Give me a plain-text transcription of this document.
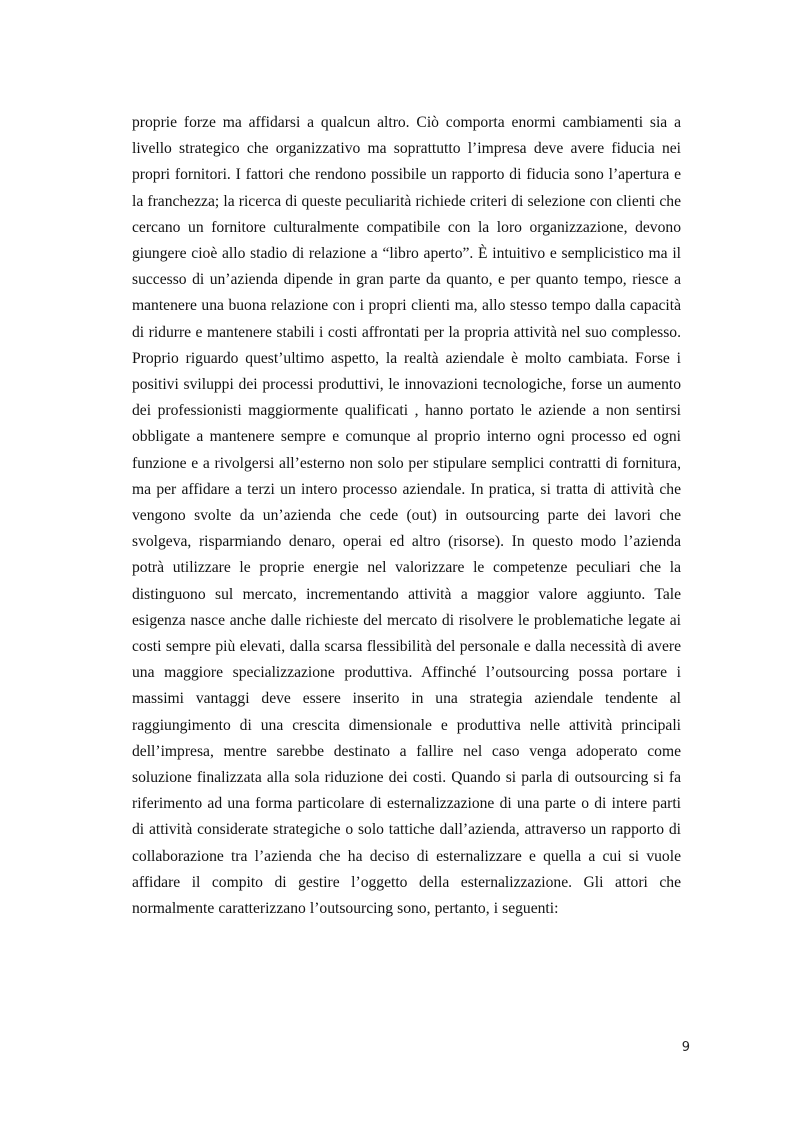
proprie forze ma affidarsi a qualcun altro. Ciò comporta enormi cambiamenti sia a livello strategico che organizzativo ma soprattutto l’impresa deve avere fiducia nei propri fornitori. I fattori che rendono possibile un rapporto di fiducia sono l’apertura e la franchezza; la ricerca di queste peculiarità richiede criteri di selezione con clienti che cercano un fornitore culturalmente compatibile con la loro organizzazione, devono giungere cioè allo stadio di relazione a “libro aperto”. È intuitivo e semplicistico ma il successo di un’azienda dipende in gran parte da quanto, e per quanto tempo, riesce a mantenere una buona relazione con i propri clienti ma, allo stesso tempo dalla capacità di ridurre e mantenere stabili i costi affrontati per la propria attività nel suo complesso. Proprio riguardo quest’ultimo aspetto, la realtà aziendale è molto cambiata. Forse i positivi sviluppi dei processi produttivi, le innovazioni tecnologiche, forse un aumento dei professionisti maggiormente qualificati , hanno portato le aziende a non sentirsi obbligate a mantenere sempre e comunque al proprio interno ogni processo ed ogni funzione e a rivolgersi all’esterno non solo per stipulare semplici contratti di fornitura, ma per affidare a terzi un intero processo aziendale. In pratica, si tratta di attività che vengono svolte da un’azienda che cede (out) in outsourcing parte dei lavori che svolgeva, risparmiando denaro, operai ed altro (risorse). In questo modo l’azienda potrà utilizzare le proprie energie nel valorizzare le competenze peculiari che la distinguono sul mercato, incrementando attività a maggior valore aggiunto. Tale esigenza nasce anche dalle richieste del mercato di risolvere le problematiche legate ai costi sempre più elevati, dalla scarsa flessibilità del personale e dalla necessità di avere una maggiore specializzazione produttiva. Affinché l’outsourcing possa portare i massimi vantaggi deve essere inserito in una strategia aziendale tendente al raggiungimento di una crescita dimensionale e produttiva nelle attività principali dell’impresa, mentre sarebbe destinato a fallire nel caso venga adoperato come soluzione finalizzata alla sola riduzione dei costi. Quando si parla di outsourcing si fa riferimento ad una forma particolare di esternalizzazione di una parte o di intere parti di attività considerate strategiche o solo tattiche dall’azienda, attraverso un rapporto di collaborazione tra l’azienda che ha deciso di esternalizzare e quella a cui si vuole affidare il compito di gestire l’oggetto della esternalizzazione. Gli attori che normalmente caratterizzano l’outsourcing sono, pertanto, i seguenti:

9
